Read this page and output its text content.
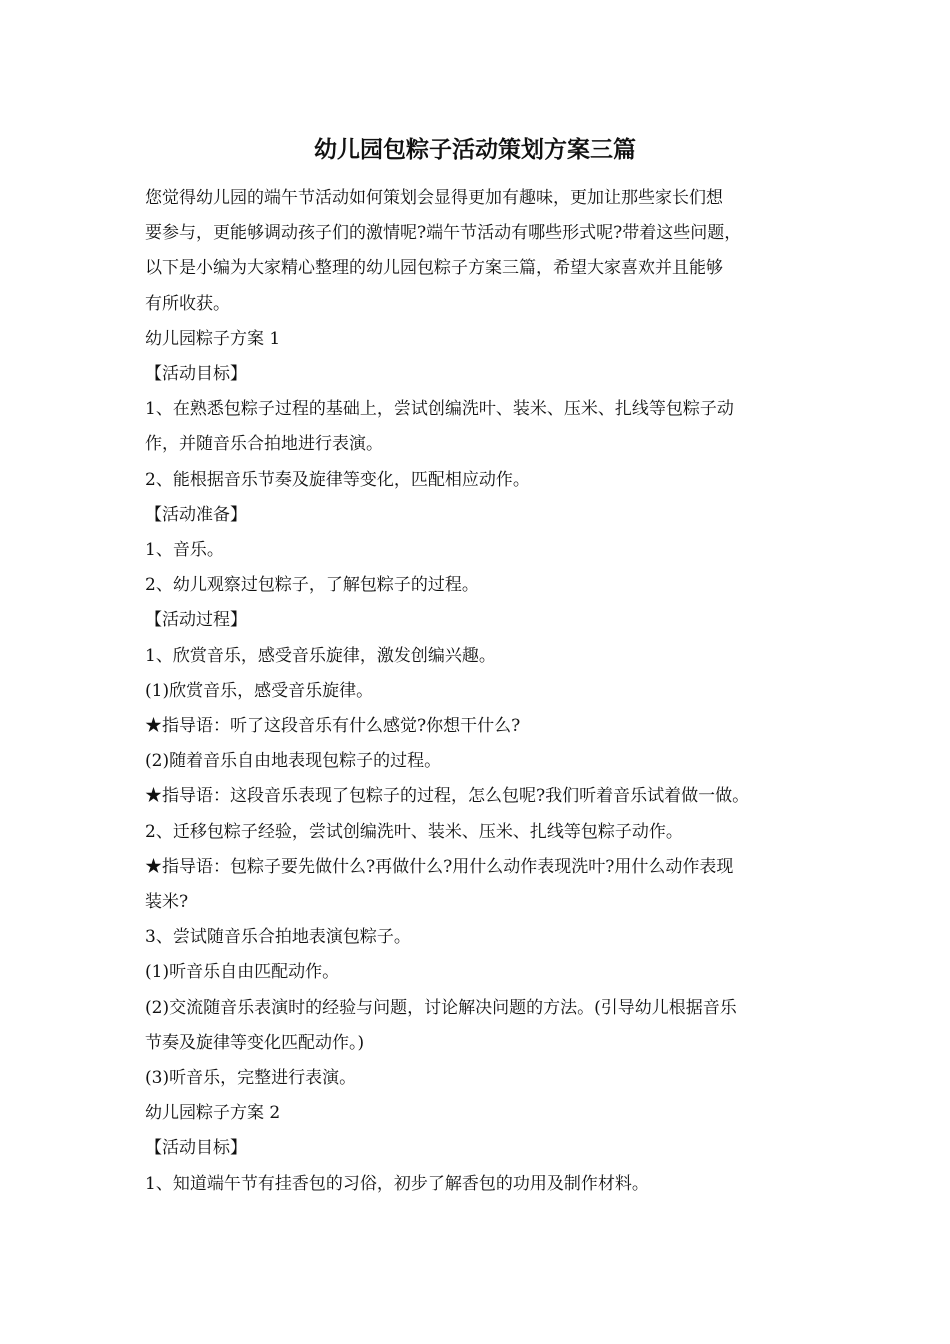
幼儿园包粽子活动策划方案三篇

您觉得幼儿园的端午节活动如何策划会显得更加有趣味，更加让那些家长们想

要参与，更能够调动孩子们的激情呢?端午节活动有哪些形式呢?带着这些问题，

以下是小编为大家精心整理的幼儿园包粽子方案三篇，希望大家喜欢并且能够

有所收获。

幼儿园粽子方案 1

【活动目标】

1、在熟悉包粽子过程的基础上，尝试创编洗叶、装米、压米、扎线等包粽子动

作，并随音乐合拍地进行表演。

2、能根据音乐节奏及旋律等变化，匹配相应动作。

【活动准备】

1、音乐。

2、幼儿观察过包粽子，了解包粽子的过程。

【活动过程】

1、欣赏音乐，感受音乐旋律，激发创编兴趣。

(1)欣赏音乐，感受音乐旋律。

★指导语：听了这段音乐有什么感觉?你想干什么?

(2)随着音乐自由地表现包粽子的过程。

★指导语：这段音乐表现了包粽子的过程，怎么包呢?我们听着音乐试着做一做。

2、迁移包粽子经验，尝试创编洗叶、装米、压米、扎线等包粽子动作。

★指导语：包粽子要先做什么?再做什么?用什么动作表现洗叶?用什么动作表现

装米?

3、尝试随音乐合拍地表演包粽子。

(1)听音乐自由匹配动作。

(2)交流随音乐表演时的经验与问题，讨论解决问题的方法。(引导幼儿根据音乐

节奏及旋律等变化匹配动作。)

(3)听音乐，完整进行表演。

幼儿园粽子方案 2

【活动目标】

1、知道端午节有挂香包的习俗，初步了解香包的功用及制作材料。
